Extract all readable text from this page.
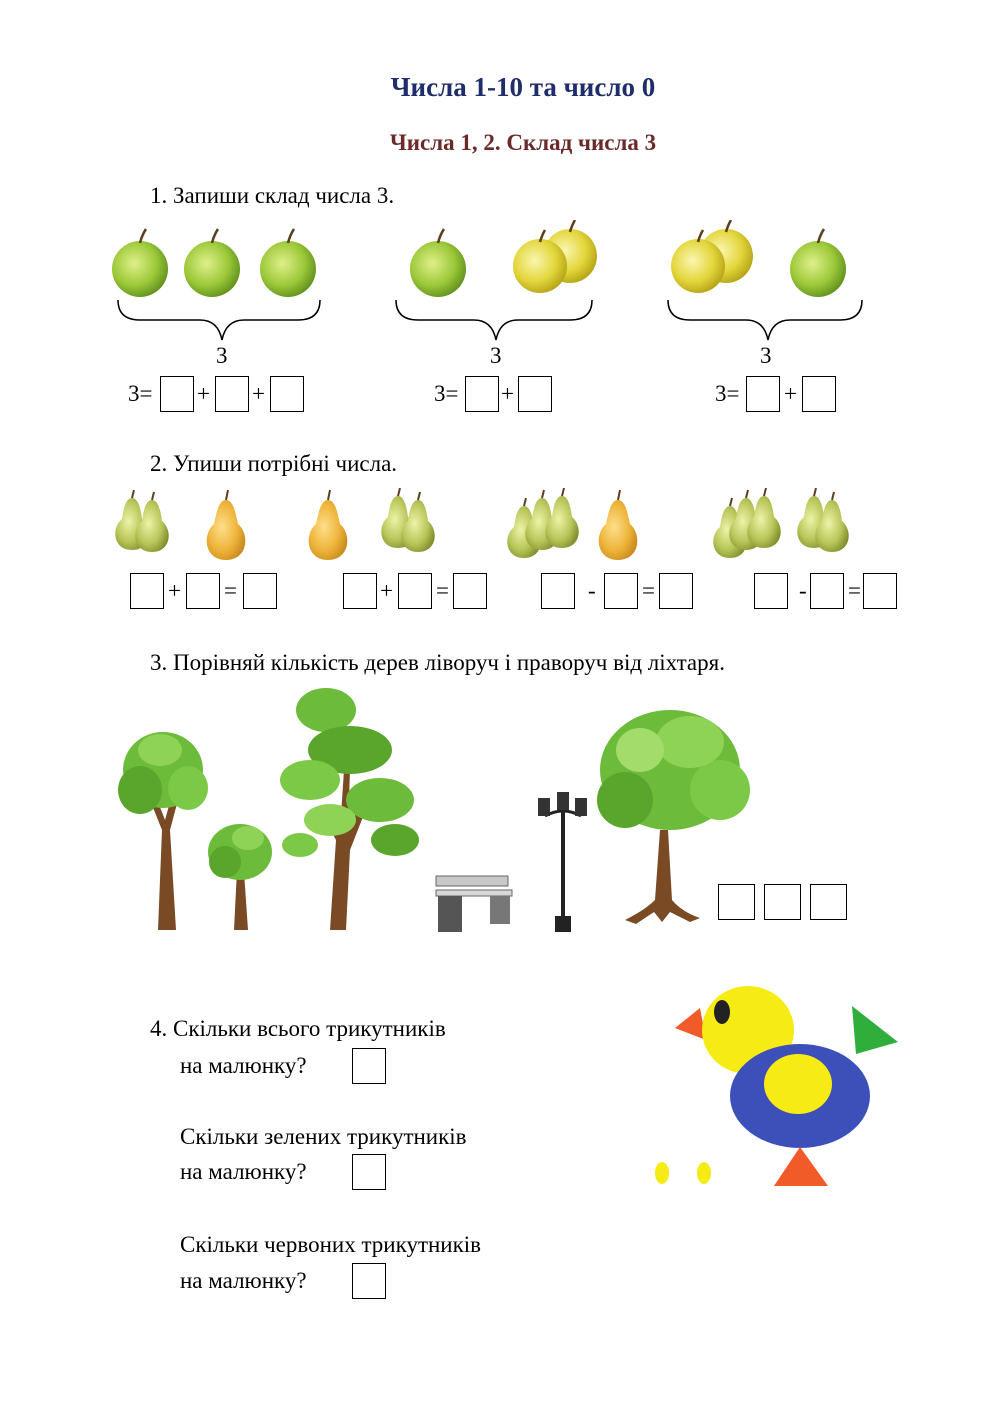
Числа 1-10 та число 0
Числа 1, 2. Склад числа 3
1. Запиши склад числа 3.
3	3	3
3= + +	3= +	3= +
2. Упиши потрібні числа.
+ =	+ =	- =	- =
3. Порівняй кількість дерев ліворуч і праворуч від ліхтаря.
4. Скільки всього трикутників
на малюнку?
Скільки зелених трикутників
на малюнку?
Скільки червоних трикутників
на малюнку?
